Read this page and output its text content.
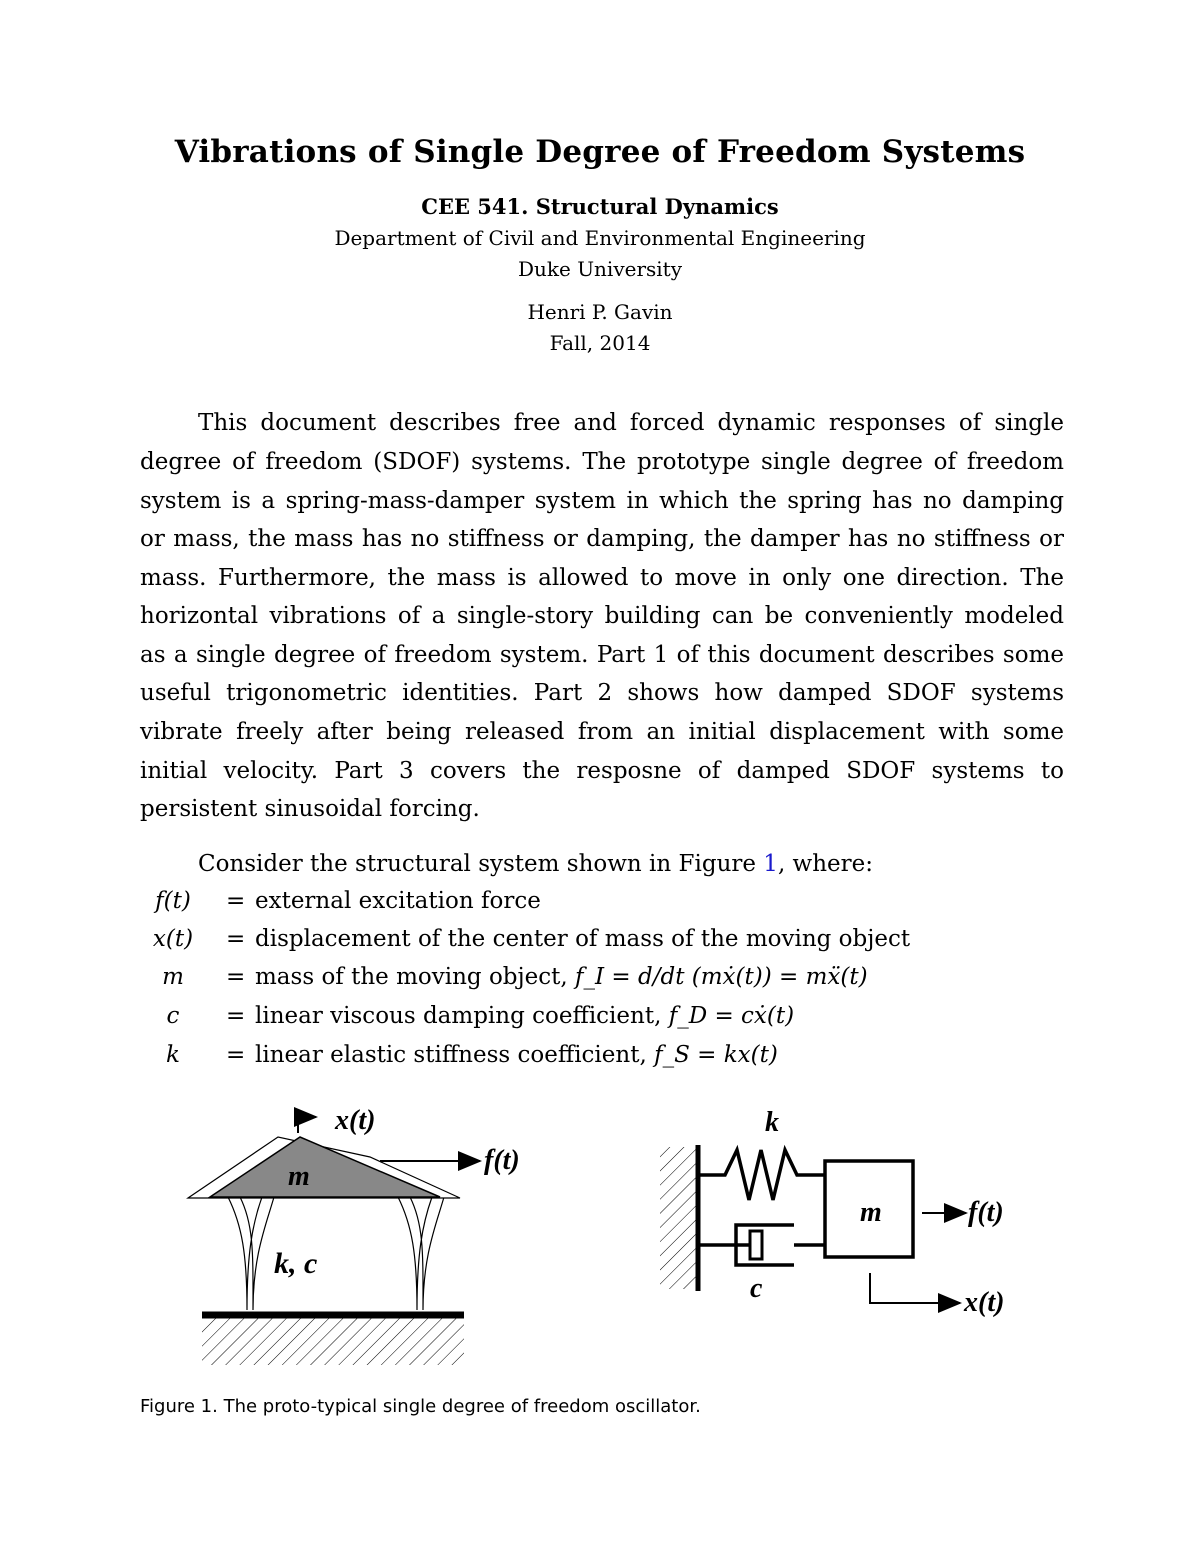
Vibrations of Single Degree of Freedom Systems
CEE 541. Structural Dynamics
Department of Civil and Environmental Engineering
Duke University
Henri P. Gavin
Fall, 2014
This document describes free and forced dynamic responses of single
degree of freedom (SDOF) systems. The prototype single degree of freedom
system is a spring-mass-damper system in which the spring has no damping
or mass, the mass has no stiffness or damping, the damper has no stiffness or
mass. Furthermore, the mass is allowed to move in only one direction. The
horizontal vibrations of a single-story building can be conveniently modeled
as a single degree of freedom system. Part 1 of this document describes some
useful trigonometric identities. Part 2 shows how damped SDOF systems
vibrate freely after being released from an initial displacement with some
initial velocity. Part 3 covers the resposne of damped SDOF systems to
persistent sinusoidal forcing.
Consider the structural system shown in Figure 1, where:
f(t)	= external excitation force
x(t)	= displacement of the center of mass of the moving object
m	= mass of the moving object, f_I = d/dt (mẋ(t)) = mẍ(t)
c	= linear viscous damping coefficient, f_D = cẋ(t)
k	= linear elastic stiffness coefficient, f_S = kx(t)
x(t)
f(t)
m
k, c
k
c
m	f(t)
x(t)
Figure 1. The proto-typical single degree of freedom oscillator.
